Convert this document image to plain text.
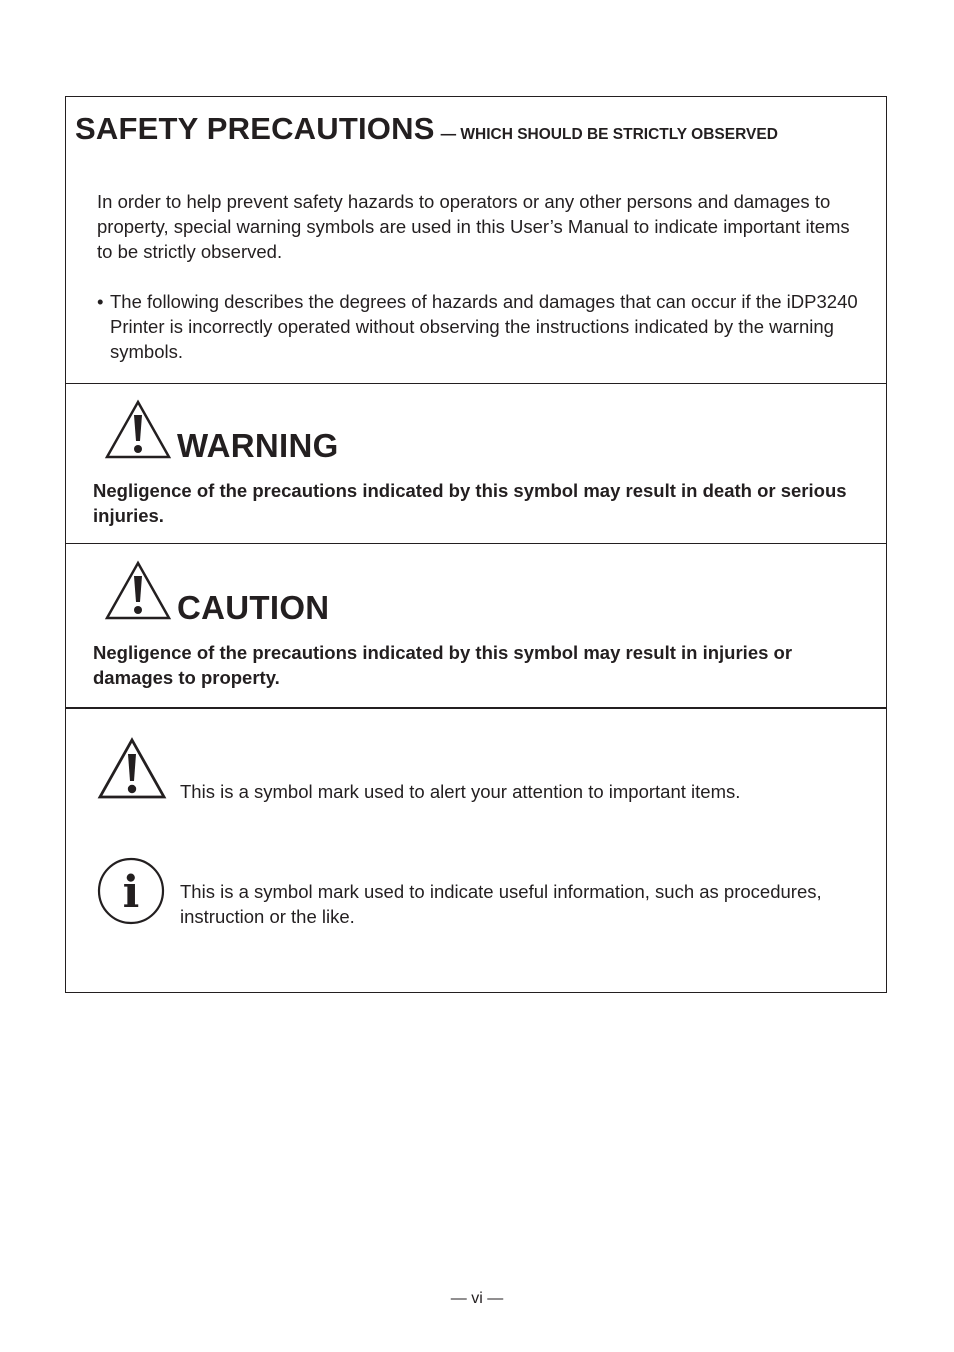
SAFETY PRECAUTIONS — WHICH SHOULD BE STRICTLY OBSERVED
In order to help prevent safety hazards to operators or any other persons and damages to property, special warning symbols are used in this User’s Manual to indicate important items to be strictly observed.
• The following describes the degrees of hazards and damages that can occur if the iDP3240 Printer is incorrectly operated without observing the instructions indicated by the warning symbols.
WARNING
Negligence of the precautions indicated by this symbol may result in death or serious injuries.
CAUTION
Negligence of the precautions indicated by this symbol may result in injuries or damages to property.
This is a symbol mark used to alert your attention to important items.
i This is a symbol mark used to indicate useful information, such as procedures, instruction or the like.
— vi —
